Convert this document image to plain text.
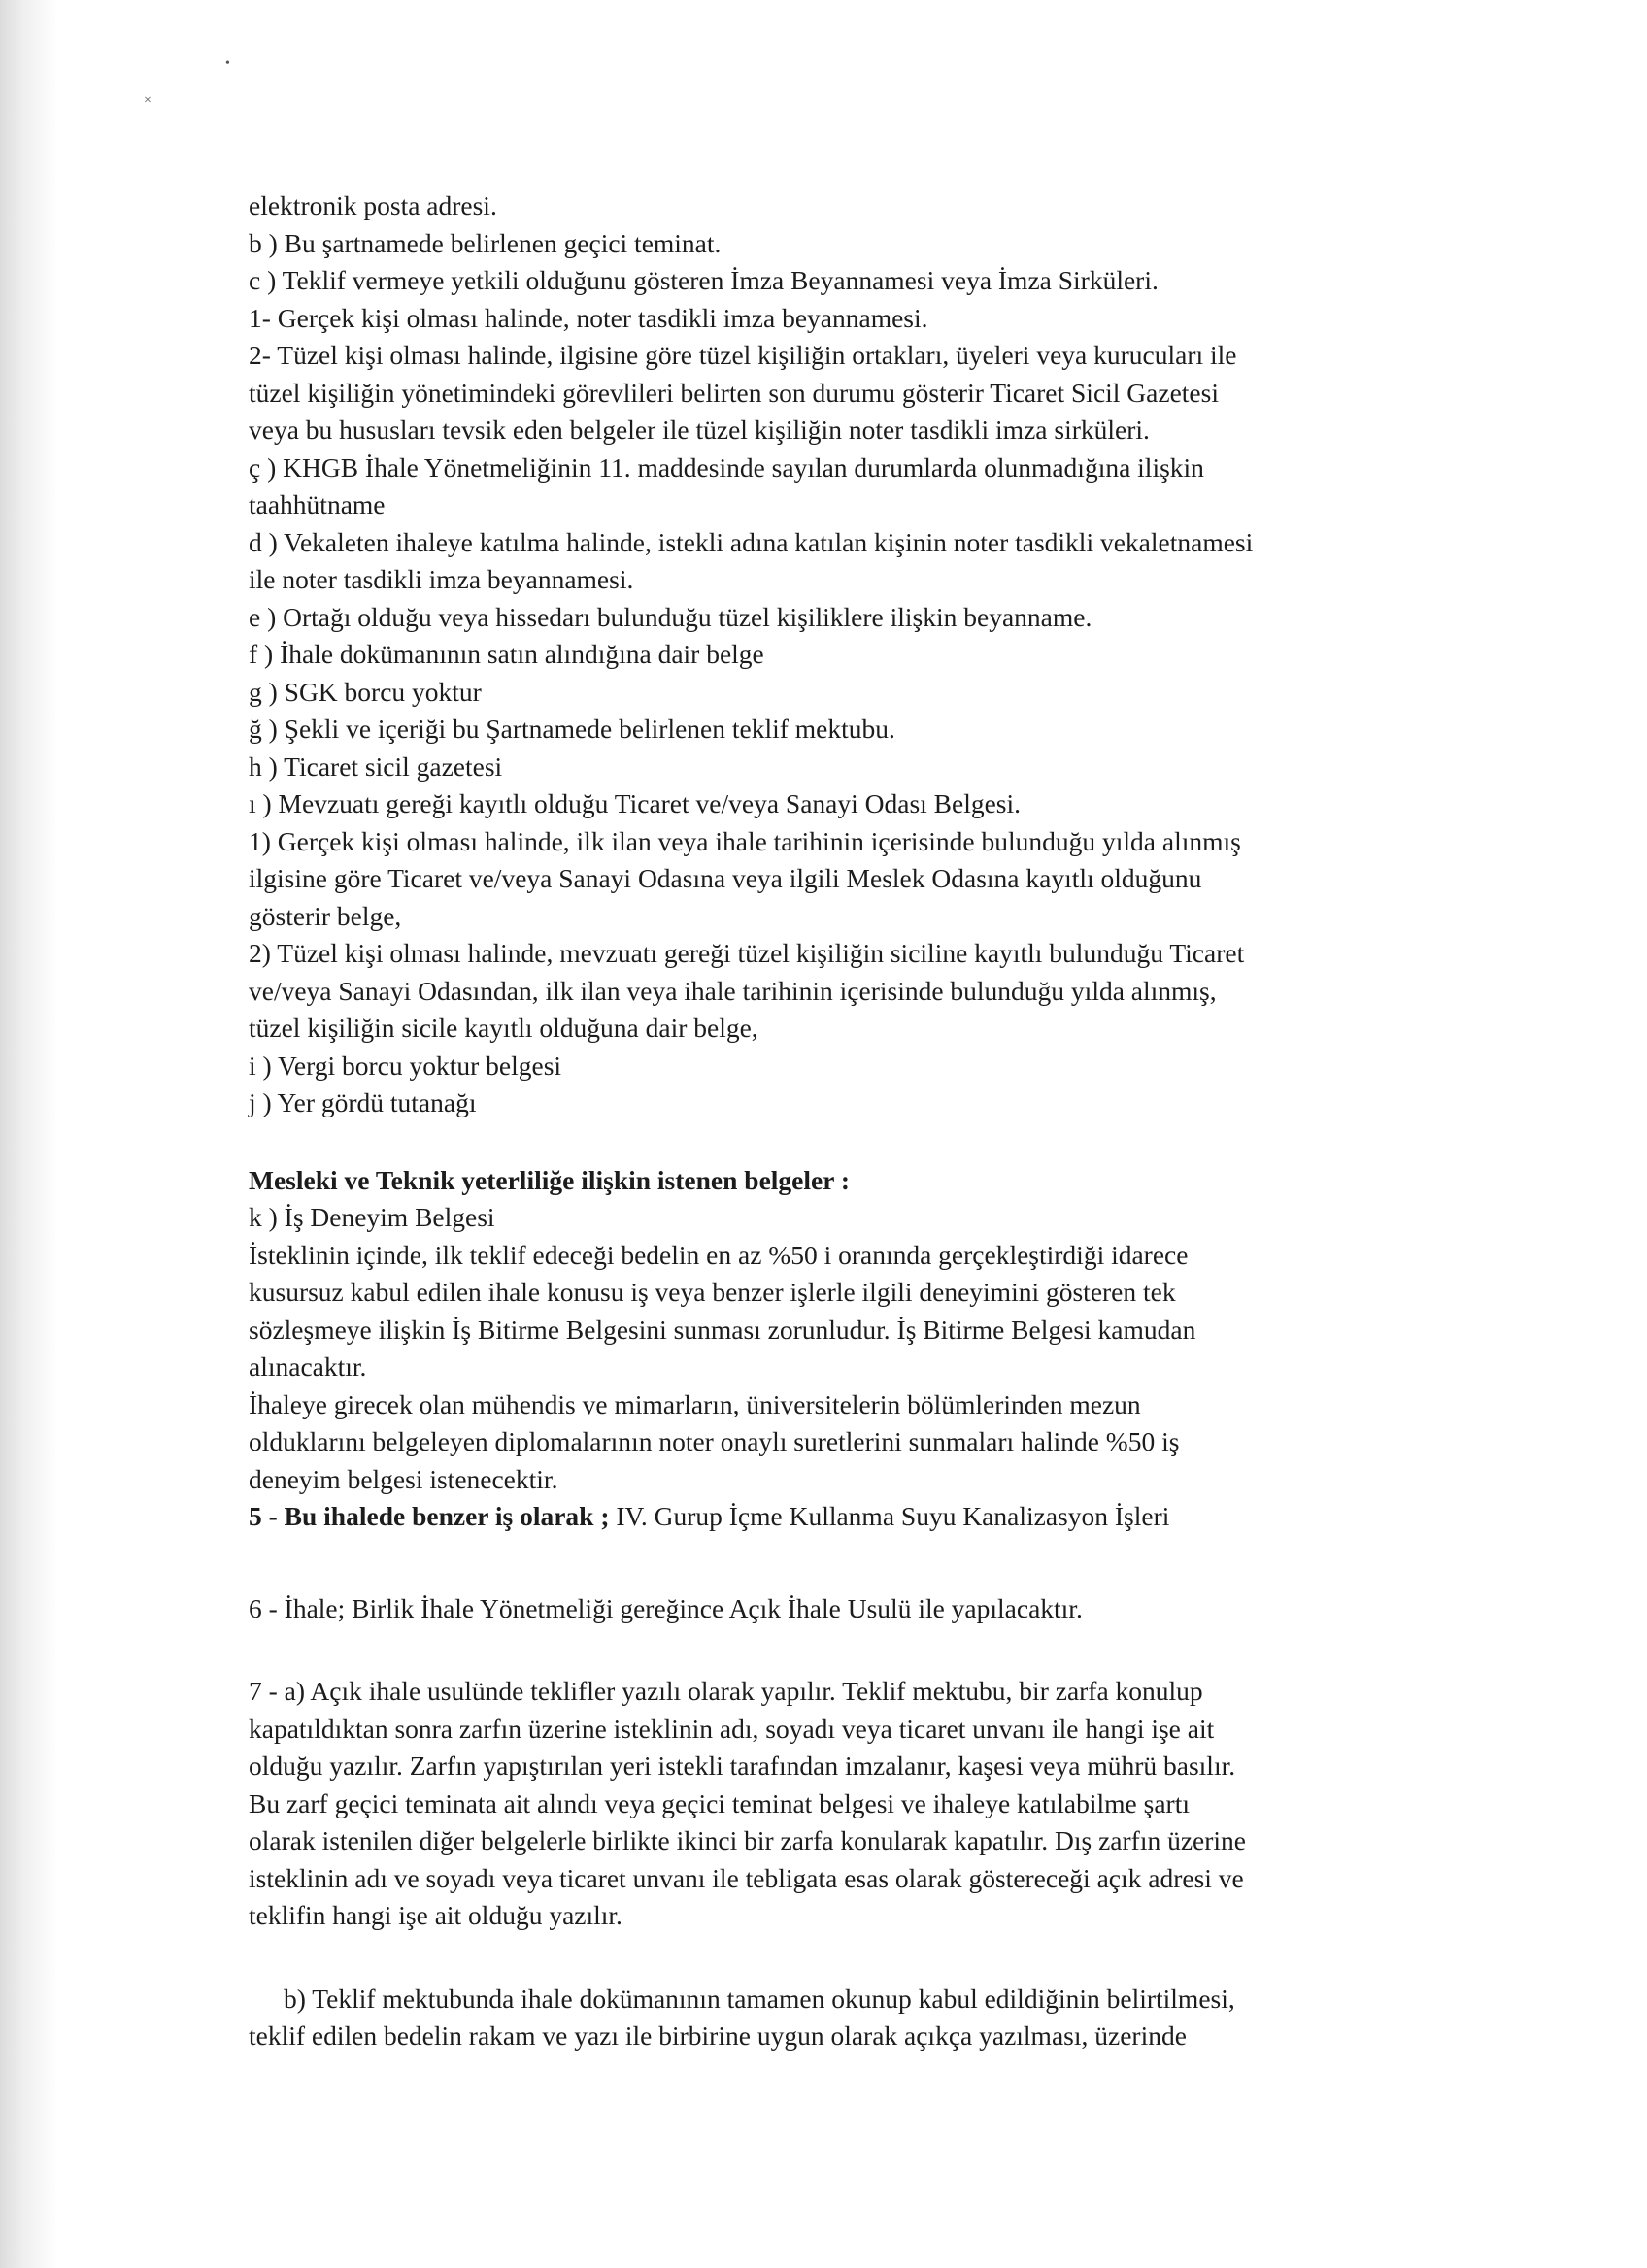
•
×
elektronik posta adresi.
b ) Bu şartnamede belirlenen geçici teminat.
c ) Teklif vermeye yetkili olduğunu gösteren İmza Beyannamesi veya İmza Sirküleri.
1- Gerçek kişi olması halinde, noter tasdikli imza beyannamesi.
2- Tüzel kişi olması halinde, ilgisine göre tüzel kişiliğin ortakları, üyeleri veya kurucuları ile
tüzel kişiliğin yönetimindeki görevlileri belirten son durumu gösterir Ticaret Sicil Gazetesi
veya bu hususları tevsik eden belgeler ile tüzel kişiliğin noter tasdikli imza sirküleri.
ç ) KHGB İhale Yönetmeliğinin 11. maddesinde sayılan durumlarda olunmadığına ilişkin
taahhütname
d ) Vekaleten ihaleye katılma halinde, istekli adına katılan kişinin noter tasdikli vekaletnamesi
ile noter tasdikli imza beyannamesi.
e ) Ortağı olduğu veya hissedarı bulunduğu tüzel kişiliklere ilişkin beyanname.
f ) İhale dokümanının satın alındığına dair belge
g ) SGK borcu yoktur
ğ ) Şekli ve içeriği bu Şartnamede belirlenen teklif mektubu.
h ) Ticaret sicil gazetesi
ı ) Mevzuatı gereği kayıtlı olduğu Ticaret ve/veya Sanayi Odası Belgesi.
1) Gerçek kişi olması halinde, ilk ilan veya ihale tarihinin içerisinde bulunduğu yılda alınmış
ilgisine göre Ticaret ve/veya Sanayi Odasına veya ilgili Meslek Odasına kayıtlı olduğunu
gösterir belge,
2) Tüzel kişi olması halinde, mevzuatı gereği tüzel kişiliğin siciline kayıtlı bulunduğu Ticaret
ve/veya Sanayi Odasından, ilk ilan veya ihale tarihinin içerisinde bulunduğu yılda alınmış,
tüzel kişiliğin sicile kayıtlı olduğuna dair belge,
i ) Vergi borcu yoktur belgesi
j ) Yer gördü tutanağı
Mesleki ve Teknik yeterliliğe ilişkin istenen belgeler :
k ) İş Deneyim Belgesi
İsteklinin içinde, ilk teklif edeceği bedelin en az %50 i oranında gerçekleştirdiği idarece
kusursuz kabul edilen ihale konusu iş veya benzer işlerle ilgili deneyimini gösteren tek
sözleşmeye ilişkin İş Bitirme Belgesini sunması zorunludur. İş Bitirme Belgesi kamudan
alınacaktır.
İhaleye girecek olan mühendis ve mimarların, üniversitelerin bölümlerinden mezun
olduklarını belgeleyen diplomalarının noter onaylı suretlerini sunmaları halinde %50 iş
deneyim belgesi istenecektir.
5 - Bu ihalede benzer iş olarak ; IV. Gurup İçme Kullanma Suyu Kanalizasyon İşleri
6 - İhale; Birlik İhale Yönetmeliği gereğince Açık İhale Usulü ile yapılacaktır.
7 - a) Açık ihale usulünde teklifler yazılı olarak yapılır. Teklif mektubu, bir zarfa konulup
kapatıldıktan sonra zarfın üzerine isteklinin adı, soyadı veya ticaret unvanı ile hangi işe ait
olduğu yazılır. Zarfın yapıştırılan yeri istekli tarafından imzalanır, kaşesi veya mührü basılır.
Bu zarf geçici teminata ait alındı veya geçici teminat belgesi ve ihaleye katılabilme şartı
olarak istenilen diğer belgelerle birlikte ikinci bir zarfa konularak kapatılır. Dış zarfın üzerine
isteklinin adı ve soyadı veya ticaret unvanı ile tebligata esas olarak göstereceği açık adresi ve
teklifin hangi işe ait olduğu yazılır.
b) Teklif mektubunda ihale dokümanının tamamen okunup kabul edildiğinin belirtilmesi,
teklif edilen bedelin rakam ve yazı ile birbirine uygun olarak açıkça yazılması, üzerinde
